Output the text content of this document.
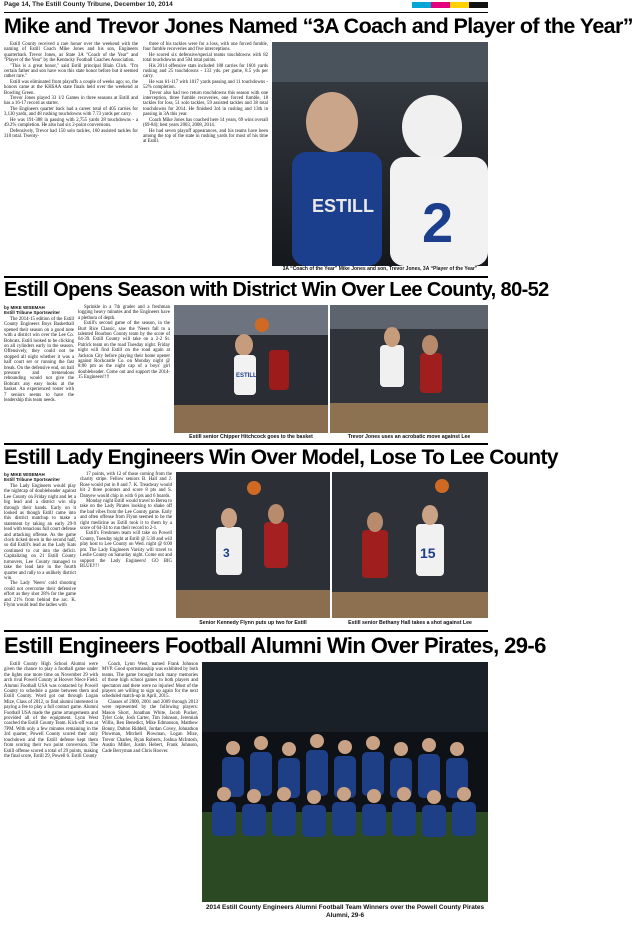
Page 14, The Estill County Tribune, December 10, 2014
Mike and Trevor Jones Named “3A Coach and Player of the Year”

Estill County received a rare honor over the weekend with the naming of Estill Coach Mike Jones and his son, Engineers quarterback Trevor Jones, as State 3A "Coach of the Year" and "Player of the Year" by the Kentucky Football Coaches Association.

"This is a great honor," said Estill principal Blain Click. "I'm certain father and son have won this state honor before but it seemed rather rare."

Estill was eliminated from playoffs a couple of weeks ago; so, the honors came at the KHSAA state finals held over the weekend at Bowling Green.

Trevor Jones played 33 1/2 Games in three seasons at Estill and has a 16-17 record as starter.

The Engineers quarter back had a career total of 405 carries for 3,130 yards, and 48 rushing touchdowns with 7.73 yards per carry.

He was 191-388 in passing with 2,755 yards 28 touchdowns - a 49.2% completion. He also had six 2-point conversions.

Defensively, Trevor had 150 solo tackles, 160 assisted tackles for 310 total. Twenty-

three of his tackles were for a loss, with one forced fumble, four fumble recoveries and five interceptions.

He scored six defensive/special teams touchdowns with 82 total touchdowns and 504 total points.

His 2014 offensive stats included 188 carries for 1601 yards rushing and 25 touchdowns - 133 yds. per game, 8.5 yds per carry.

He was 61-117 with 1017 yards passing and 11 touchdowns - 52% completion.

Trevor also had two return touchdowns this season with one interception, three fumble recoveries, one forced fumble, 18 tackles for loss, 51 solo tackles, 59 assisted tackles and 38 total touchdowns for 2014. He finished 3rd in rushing and 13th in passing in 3A this year.

Coach Mike Jones has coached here 14 years, 69 wins overall (69-84); best years 2003, 2008, 2014.

He had seven playoff appearances, and his teams have been among the top of the state in rushing yards for most of his time at Estill.

ESTILL 2
3A “Coach of the Year” Mike Jones and son, Trevor Jones, 3A “Player of the Year”
Estill Opens Season with District Win Over Lee County, 80-52
by MIKE WISEMAH
Estill Tribune Sportswriter

The 2014-15 edition of the Estill County Engineers Boys Basketball opened their season on a good note with a district win over the Lee Co. Bobcats. Estill looked to be clicking on all cylinders early in the season. Offensively, they could not be stopped all night whether it was a half court set or running the fast break. On the defensive end, on ball pressure and tremendous rebounding would not give the Bobcats any easy looks at the basket. An experienced roster with 7 seniors seems to have the leadership this team needs.

Sprinkle in a 7th grader and a freshman logging heavy minutes and the Engineers have a plethora of depth.

Estill's second game of the season, in the Burt Rice Classic, saw the 'Neers fall to a talented Bourbon County team by the score of 64-39. Estill County will take on a 2-2 St. Patrick team on the road Tuesday night. Friday night will find Estill on the road again at Jackson City before playing their home opener against Rockcastle Co. on Monday night @ 8:00 pm as the night cap of a boys' girl doubleheader. Come out and support the 2014-15 Engineers!!!!	ESTILL
Estill senior Chipper Hitchcock goes to the basket	Trevor Jones uses an acrobatic move against Lee
Estill Lady Engineers Win Over Model, Lose To Lee County
by MIKE WISEMAH
Estill Tribune Sportswriter

The Lady Engineers would play the nightcap of doubleheader against Lee County on Friday night and let a big lead and a district win slip through their hands. Early on it looked as though Estill came into this district matchup to make a statement by taking an early 29-9 lead with tenacious full court defense and attacking offense. As the game clock ticked down in the second half, so did Estill's lead as the Lady Kats continued to cut into the deficit. Capitalizing on 21 Estill County turnovers, Lee County managed to take the lead late in the fourth quarter and rally to a unlikely district win.

The Lady 'Neers' cold shooting could not overcome their defensive effort as they shot 28% for the game and 21% from behind the arc. K. Flynn would lead the ladies with

17 points, with 12 of those coming from the charity stripe. Fellow seniors B. Hall and J. Rose would put in 8 and 7. K. Treadway would hit 2 three pointers and score 8 pts and S. Danyew would chip in with 6 pts and 6 boards.

Monday night Estill would travel to Berea to take on the Lady Pirates looking to shake off the bad vibes from the Lee County game. Early and often offense from Flynn seemed to be the right medicine as Estill took it to them by a score of 64-34 to run their record to 2-1.

Estill's Freshmen team will take on Powell County, Tuesday night at Estill @ 5:30 and will play host to Lee County on Wed. night @ 6:00 pm. The Lady Engineers Varsity will travel to Leslie County on Saturday night. Come out and support the Lady Engineers! GO BIG BLUE!!!!

3	15
Senior Kennedy Flynn puts up two for Estill	Estill senior Bethany Hall takes a shot against Lee
Estill Engineers Football Alumni Win Over Pirates, 29-6

Estill County High School Alumni were given the chance to play a football game under the lights one more time on November 29 with arch rival Powell County at Hoover Niece Field. Alumni Football USA was contacted by Powell County to schedule a game between them and Estill County. Word got out through Logan Mize, Class of 2012, to find alumni interested in paying a fee to play a full contact game. Alumni Football USA made the game arrangements and provided all of the equipment. Lynn West coached the Estill County Team. Kick-off was at 7PM. With only a few minutes remaining in the 3rd quarter, Powell County scored their only touchdown and the Estill defense kept them from scoring their two point conversion. The Estill offense scored a total of 29 points, making the final score, Estill 29, Powell 6. Estill County

Coach, Lynn West, named Frank Johnson MVP. Good sportsmanship was exhibited by both teams. The game brought back many memories of those high school games to both players and spectators and there were no injuries! Most of the players are willing to sign up again for the next scheduled match-up in April, 2015.

Classes of 2000, 2001 and 2009 through 2013 were represented by the following players: Mason Short, Jonathan White, Jacob Pucker, Tyler Cole, Josh Carter, Tim Johnson, Jeremiah Willis, Ben Benedict, Mike Edmonson, Matthew Bonny, Dalton Riddell, Jordan Covey, Johnathon Plowman, Mitchell Plowman, Logan Mize, Trevor Charles, Ryan Roberts, Joshua McIntosh, Austin Miller, Justin Hebert, Frank Johnson, Cade Berryman and Chris Hoover.

2014 Estill County Engineers Alumni Football Team Winners over the Powell County Pirates Alumni, 29-6
